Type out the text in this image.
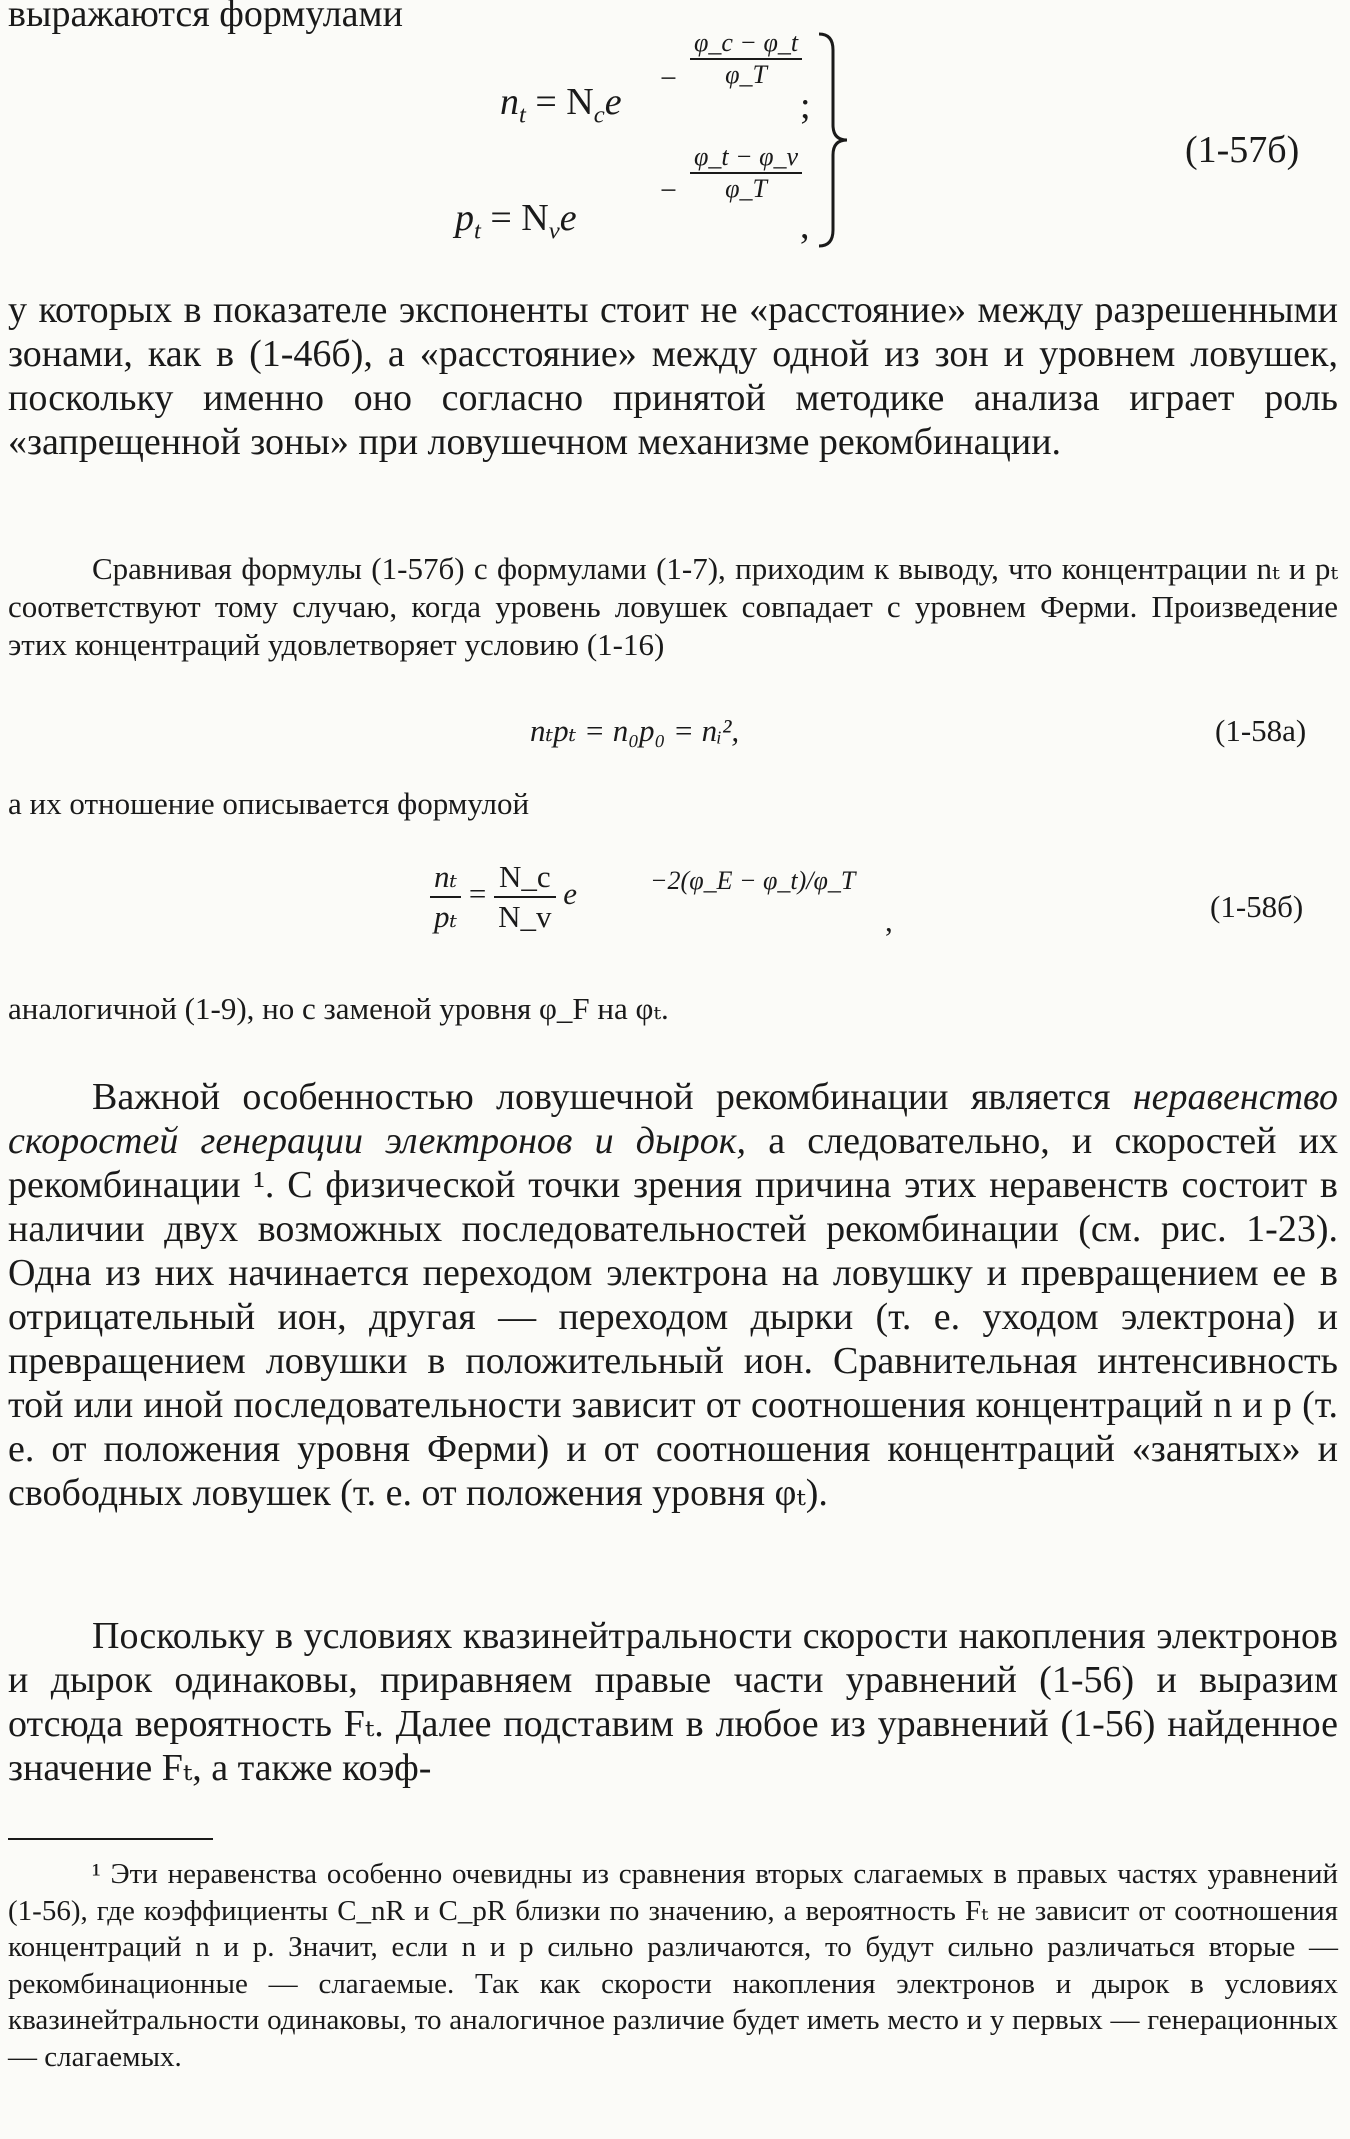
выражаются формулами

$n_t = N_ce$
− $\frac{\varphi\_c - \varphi\_t}{\varphi\_T}$
;
$p_t = N_ve$
− $\frac{\varphi\_t - \varphi\_v}{\varphi\_T}$
,
(1-57б)

у которых в показателе экспоненты стоит не «расстояние» между разрешенными зонами, как в (1-46б), а «расстояние» между одной из зон и уровнем ловушек, поскольку именно оно согласно принятой методике анализа играет роль «запрещенной зоны» при ловушечном механизме рекомбинации.

Сравнивая формулы (1-57б) с формулами (1-7), приходим к выводу, что концентрации nₜ и pₜ соответствуют тому случаю, когда уровень ловушек совпадает с уровнем Ферми. Произведение этих концентраций удовлетворяет условию (1-16)

nₜpₜ = n₀p₀ = nᵢ²,	(1-58а)

а их отношение описывается формулой

$\frac{\text{nₜ}}{\text{pₜ}} = \frac{N\_c}{N\_v}$ e	−2(φ_E − φ_t)/φ_T
,	(1-58б)

аналогичной (1-9), но с заменой уровня φ_F на φₜ.

Важной особенностью ловушечной рекомбинации является неравенство скоростей генерации электронов и дырок, а следовательно, и скоростей их рекомбинации ¹. С физической точки зрения причина этих неравенств состоит в наличии двух возможных последовательностей рекомбинации (см. рис. 1-23). Одна из них начинается переходом электрона на ловушку и превращением ее в отрицательный ион, другая — переходом дырки (т. е. уходом электрона) и превращением ловушки в положительный ион. Сравнительная интенсивность той или иной последовательности зависит от соотношения концентраций n и p (т. е. от положения уровня Ферми) и от соотношения концентраций «занятых» и свободных ловушек (т. е. от положения уровня φₜ).

Поскольку в условиях квазинейтральности скорости накопления электронов и дырок одинаковы, приравняем правые части уравнений (1-56) и выразим отсюда вероятность Fₜ. Далее подставим в любое из уравнений (1-56) найденное значение Fₜ, а также коэф-

¹ Эти неравенства особенно очевидны из сравнения вторых слагаемых в правых частях уравнений (1-56), где коэффициенты C_nR и C_pR близки по значению, а вероятность Fₜ не зависит от соотношения концентраций n и p. Значит, если n и p сильно различаются, то будут сильно различаться вторые — рекомбинационные — слагаемые. Так как скорости накопления электронов и дырок в условиях квазинейтральности одинаковы, то аналогичное различие будет иметь место и у первых — генерационных — слагаемых.
